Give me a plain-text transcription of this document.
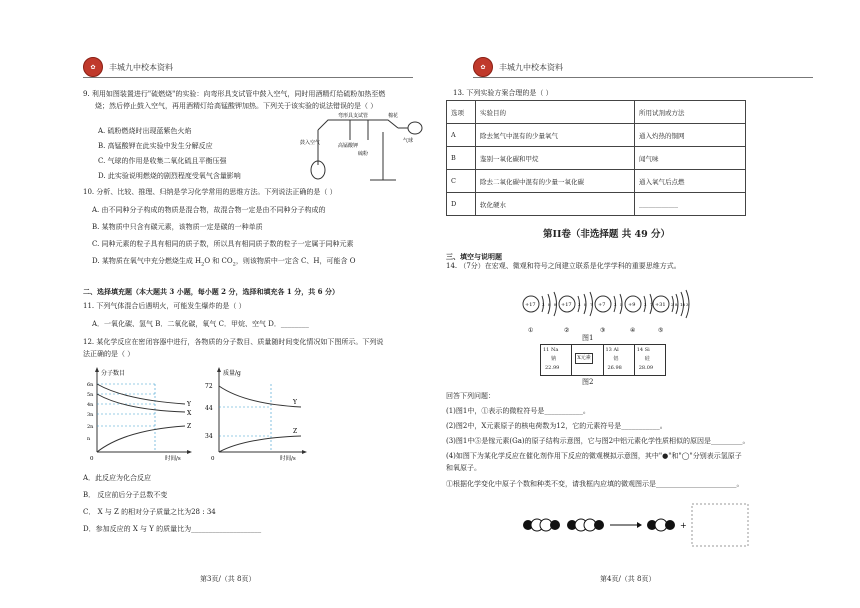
✿	丰城九中校本资料
9. 利用如图装置进行"硫燃烧"的实验：向弯形具支试管中鼓入空气，同时用酒精灯给硫粉加热至燃
烧；然后停止鼓入空气，再用酒精灯给高锰酸钾加热。下列关于该实验的说法错误的是（ ）
A. 硫粉燃烧时出现蓝紫色火焰
B. 高锰酸钾在此实验中发生分解反应
C. 气球的作用是收集二氧化硫且平衡压强
D. 此实验说明燃烧的剧烈程度受氧气含量影响
弯形具支试管	棉花
鼓入空气	高锰酸钾
硫粉
气球
10. 分析、比较、推理、归纳是学习化学常用的思维方法。下列说法正确的是（ ）
A. 由不同种分子构成的物质是混合物，故混合物一定是由不同种分子构成的
B. 某物质中只含有碳元素，该物质一定是碳的一种单质
C. 同种元素的粒子具有相同的质子数，所以具有相同质子数的粒子一定属于同种元素
D. 某物质在氧气中充分燃烧生成 $H_2O$ 和 $CO_2$，则该物质中一定含 C、H，可能含 O
二、选择填充题（本大题共 3 小题，每小题 2 分，选择和填充各 1 分，共 6 分）
11. 下列气体混合后遇明火，可能发生爆炸的是（ ）
A．一氧化碳、氢气 B．二氧化碳，氧气 C．甲烷、空气 D．________
12. 某化学反应在密闭容器中进行，各物质的分子数目、质量随时间变化情况如下图所示。下列说
法正确的是（ ）
分子数目
时间/s
0
6n
5n
4n
3n
2n
n
Y
X
Z
质量/g
时间/s
0
72
44
34
Y
Z
A．此反应为化合反应
B． 反应前后分子总数不变
C． X 与 Z 的相对分子质量之比为28 : 34
D．参加反应的 X 与 Y 的质量比为____________________
第3页/（共 8页）
✿	丰城九中校本资料
13. 下列实验方案合理的是（ ）
选项	实验目的	所用试剂或方法
A	除去氮气中混有的少量氧气	通入灼热的铜网
B	鉴别一氧化碳和甲烷	闻气味
C	除去二氧化碳中混有的少量一氧化碳	通入氧气后点燃
D	软化硬水	____________
第II卷（非选择题 共 49 分）
三、填空与说明题
14. （7分）在宏观、微观和符号之间建立联系是化学学科的重要思维方式。
+17 2 8 8
①
+17 2 8 7
②
+7 2 5
③
+9 2 7
④
+31 2 8 18 3
⑤
图1
11 Na
钠
22.99
X元素
13 Al
铝
26.98
14 Si
硅
28.09
图2
回答下列问题：
(1)图1中，①表示的微粒符号是___________。
(2)图2中，X元素原子的核电荷数为12，它的元素符号是___________。
(3)图1中⑤是镓元素(Ga)的原子结构示意图，它与图2中铝元素化学性质相似的原因是_________。
(4)如图下为某化学反应在催化剂作用下反应的微观模拟示意图，其中"●"和"◯"分别表示氢原子
和氧原子。
①根据化学变化中原子个数和种类不变，请我框内应填的微观图示是_______________________。
+
第4页/（共 8页）
